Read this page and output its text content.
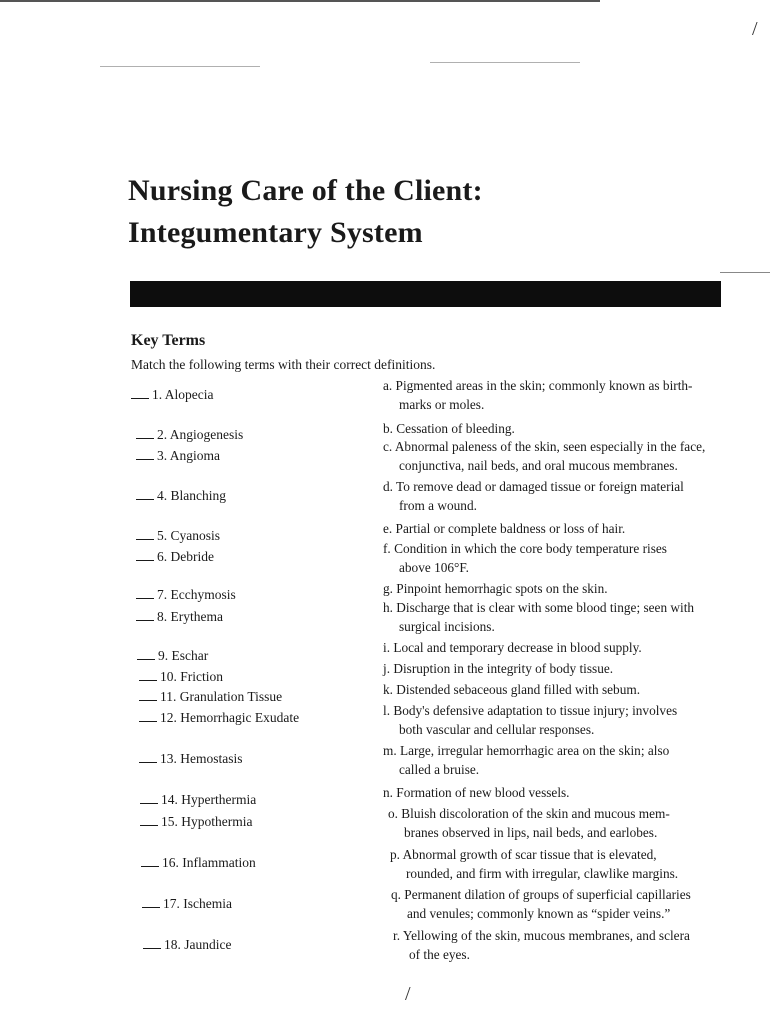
/
/
Nursing Care of the Client:
Integumentary System
Key Terms
Match the following terms with their correct definitions.
1. Alopecia
2. Angiogenesis
3. Angioma
4. Blanching
5. Cyanosis
6. Debride
7. Ecchymosis
8. Erythema
9. Eschar
10. Friction
11. Granulation Tissue
12. Hemorrhagic Exudate
13. Hemostasis
14. Hyperthermia
15. Hypothermia
16. Inflammation
17. Ischemia
18. Jaundice
a. Pigmented areas in the skin; commonly known as birth-
marks or moles.
b. Cessation of bleeding.
c. Abnormal paleness of the skin, seen especially in the face,
conjunctiva, nail beds, and oral mucous membranes.
d. To remove dead or damaged tissue or foreign material
from a wound.
e. Partial or complete baldness or loss of hair.
f. Condition in which the core body temperature rises
above 106°F.
g. Pinpoint hemorrhagic spots on the skin.
h. Discharge that is clear with some blood tinge; seen with
surgical incisions.
i. Local and temporary decrease in blood supply.
j. Disruption in the integrity of body tissue.
k. Distended sebaceous gland filled with sebum.
l. Body's defensive adaptation to tissue injury; involves
both vascular and cellular responses.
m. Large, irregular hemorrhagic area on the skin; also
called a bruise.
n. Formation of new blood vessels.
o. Bluish discoloration of the skin and mucous mem-
branes observed in lips, nail beds, and earlobes.
p. Abnormal growth of scar tissue that is elevated,
rounded, and firm with irregular, clawlike margins.
q. Permanent dilation of groups of superficial capillaries
and venules; commonly known as “spider veins.”
r. Yellowing of the skin, mucous membranes, and sclera
of the eyes.
